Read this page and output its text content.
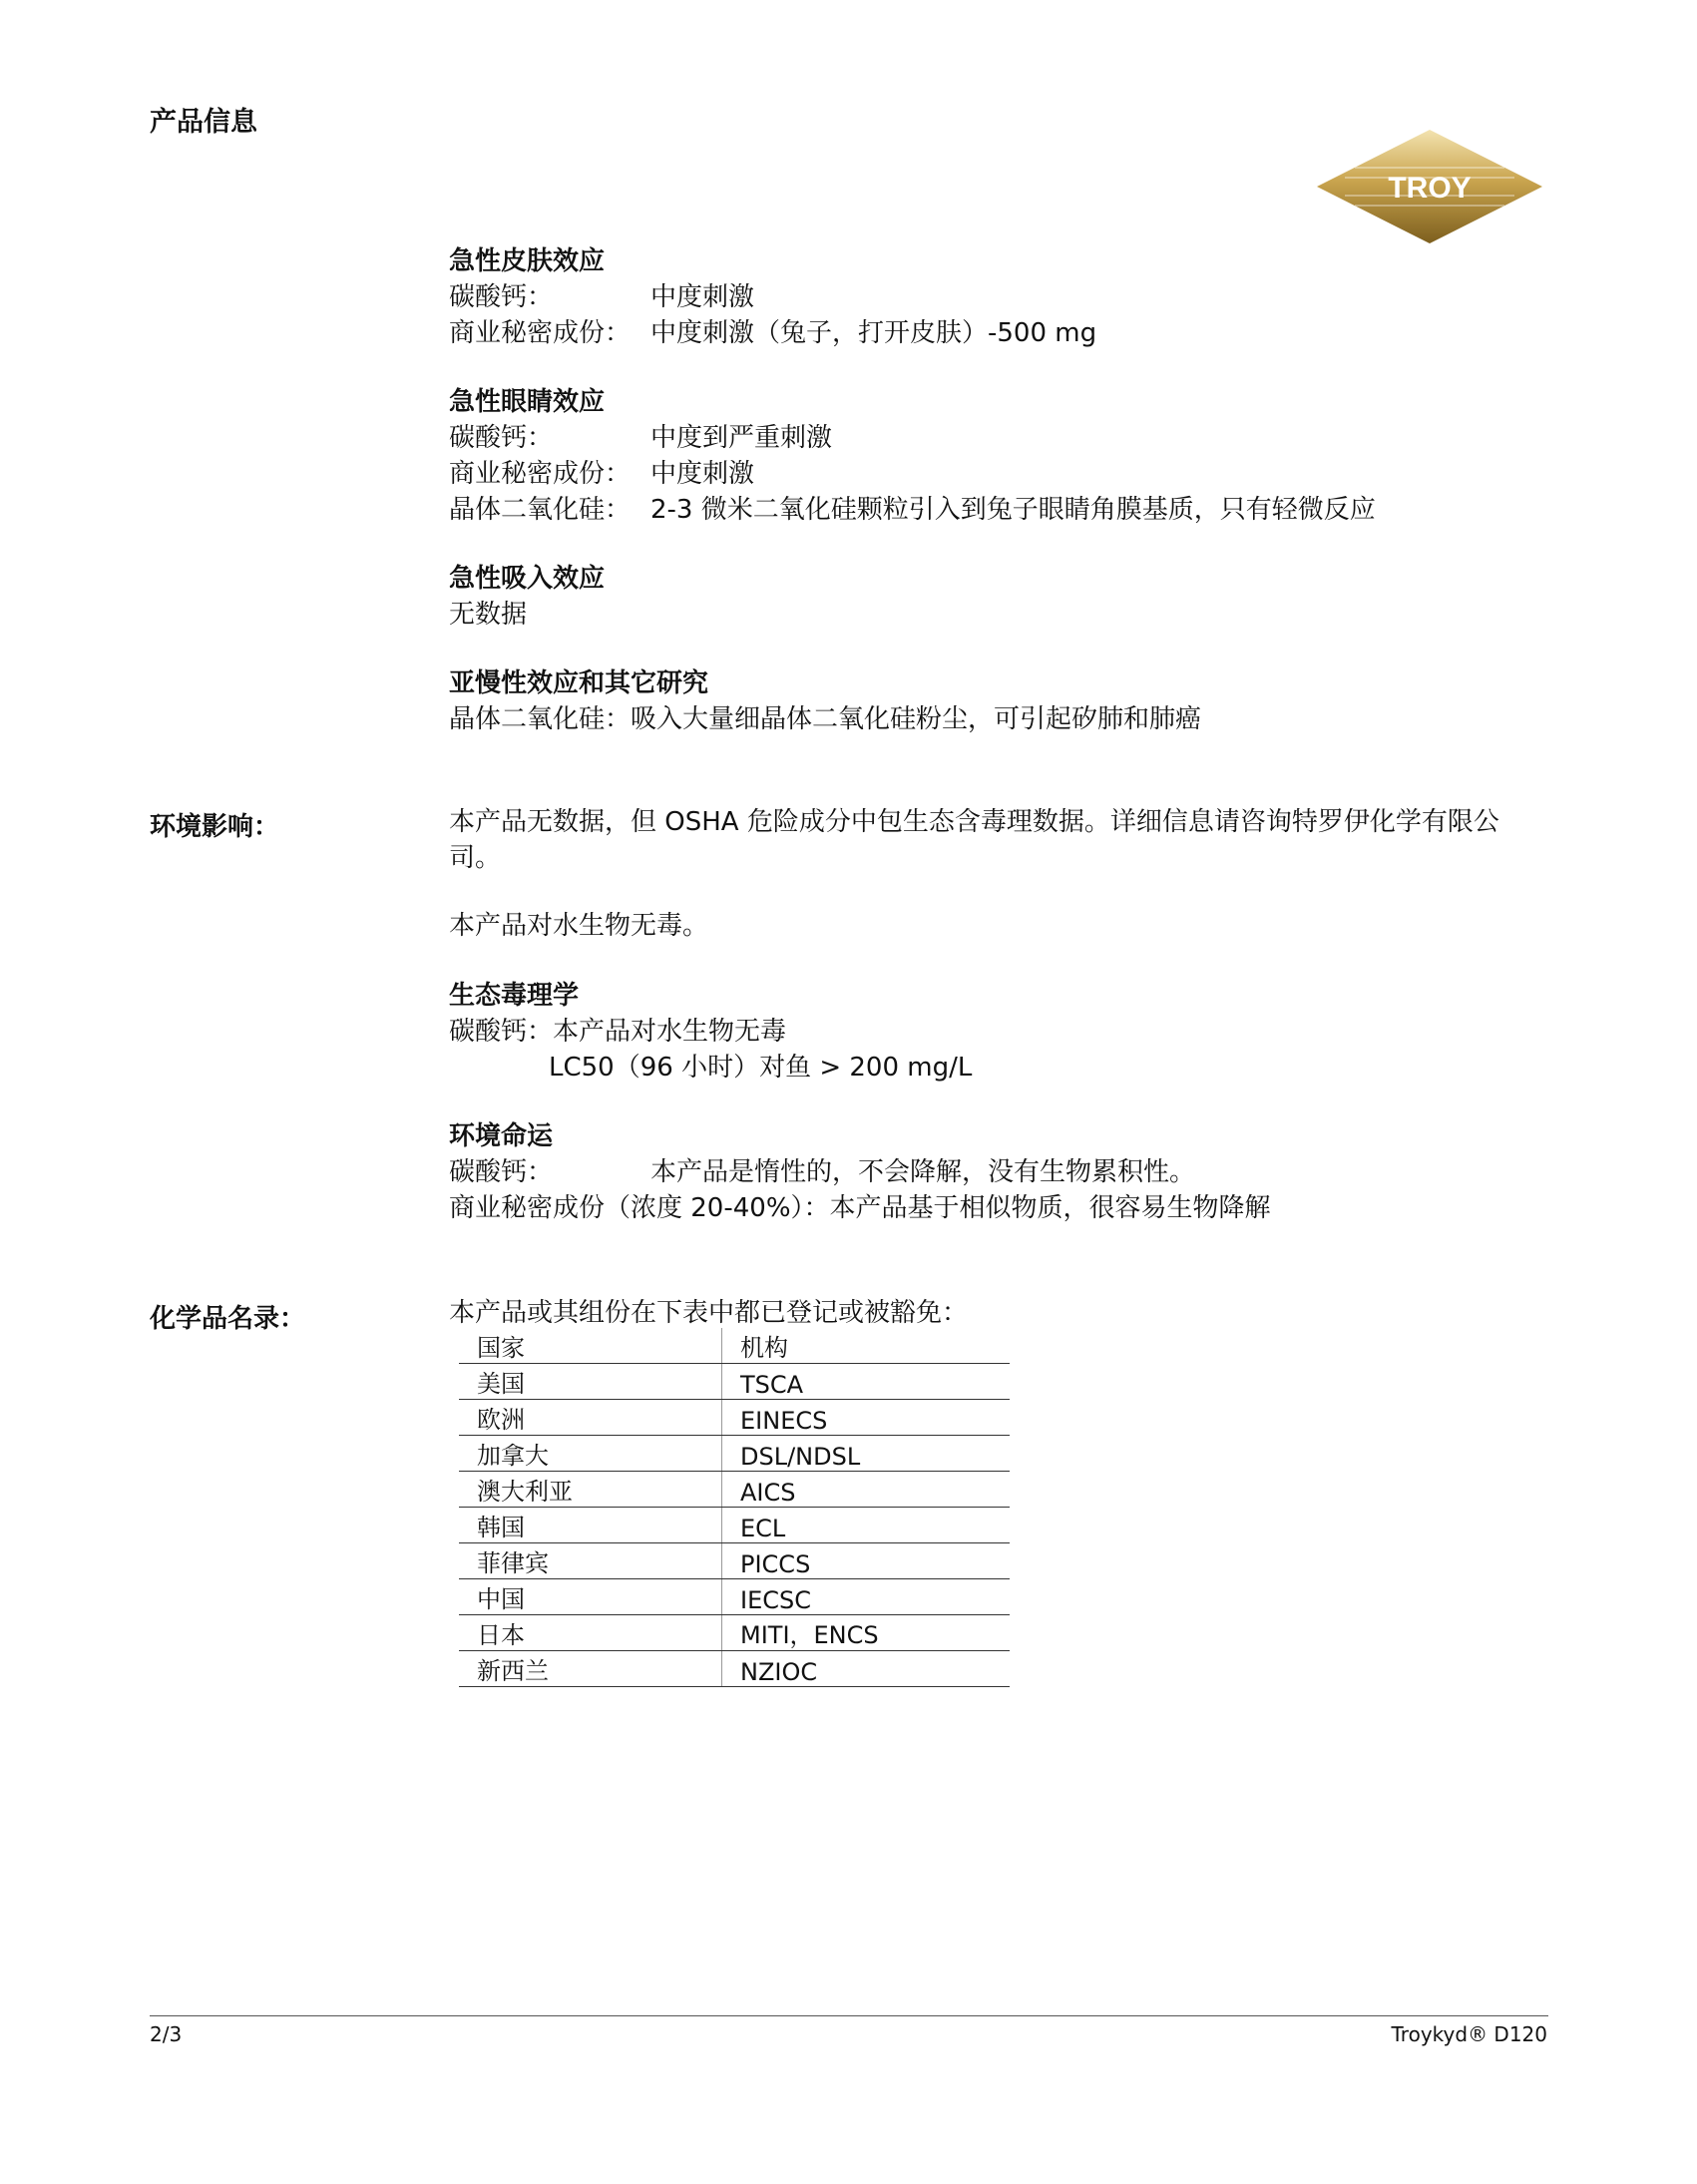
产品信息
TROY
急性皮肤效应
碳酸钙：	中度刺激
商业秘密成份： 中度刺激（兔子，打开皮肤）-500 mg
急性眼睛效应
碳酸钙：	中度到严重刺激
商业秘密成份： 中度刺激
晶体二氧化硅： 2-3 微米二氧化硅颗粒引入到兔子眼睛角膜基质，只有轻微反应
急性吸入效应
无数据
亚慢性效应和其它研究
晶体二氧化硅：吸入大量细晶体二氧化硅粉尘，可引起矽肺和肺癌
环境影响：	本产品无数据，但 OSHA 危险成分中包生态含毒理数据。详细信息请咨询特罗伊化学有限公司。
本产品对水生物无毒。
生态毒理学
碳酸钙：本产品对水生物无毒
LC50（96 小时）对鱼 > 200 mg/L
环境命运
碳酸钙：	本产品是惰性的，不会降解，没有生物累积性。
商业秘密成份（浓度 20-40%）：本产品基于相似物质，很容易生物降解
化学品名录：	本产品或其组份在下表中都已登记或被豁免：
国家	机构
美国	TSCA
欧洲	EINECS
加拿大	DSL/NDSL
澳大利亚	AICS
韩国	ECL
菲律宾	PICCS
中国	IECSC
日本	MITI，ENCS
新西兰	NZIOC
2/3	Troykyd® D120
